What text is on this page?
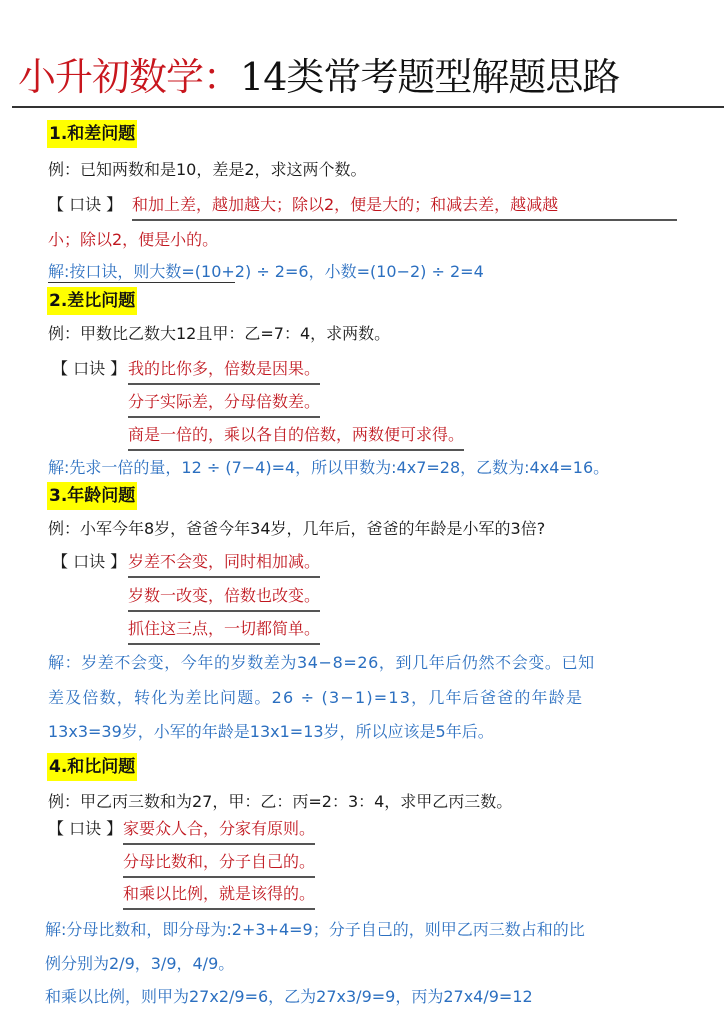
小升初数学：14类常考题型解题思路
1.和差问题
例：已知两数和是10，差是2，求这两个数。
【 口诀 】 和加上差，越加越大；除以2，便是大的；和减去差，越减越
小；除以2，便是小的。
解:按口诀，则大数=(10+2) ÷ 2=6，小数=(10−2) ÷ 2=4
2.差比问题
例：甲数比乙数大12且甲：乙=7：4，求两数。
【 口诀 】 我的比你多，倍数是因果。
分子实际差，分母倍数差。
商是一倍的，乘以各自的倍数，两数便可求得。
解:先求一倍的量，12 ÷ (7−4)=4，所以甲数为:4x7=28，乙数为:4x4=16。
3.年龄问题
例：小军今年8岁，爸爸今年34岁，几年后，爸爸的年龄是小军的3倍?
【 口诀 】 岁差不会变，同时相加减。
岁数一改变，倍数也改变。
抓住这三点，一切都简单。
解：岁差不会变，今年的岁数差为34−8=26，到几年后仍然不会变。已知
差及倍数，转化为差比问题。26 ÷ (3−1)=13，几年后爸爸的年龄是
13x3=39岁，小军的年龄是13x1=13岁，所以应该是5年后。
4.和比问题
例：甲乙丙三数和为27，甲：乙：丙=2：3：4，求甲乙丙三数。
【 口诀 】 家要众人合，分家有原则。
分母比数和，分子自己的。
和乘以比例，就是该得的。
解:分母比数和，即分母为:2+3+4=9；分子自己的，则甲乙丙三数占和的比
例分别为2/9，3/9，4/9。
和乘以比例，则甲为27x2/9=6，乙为27x3/9=9，丙为27x4/9=12
